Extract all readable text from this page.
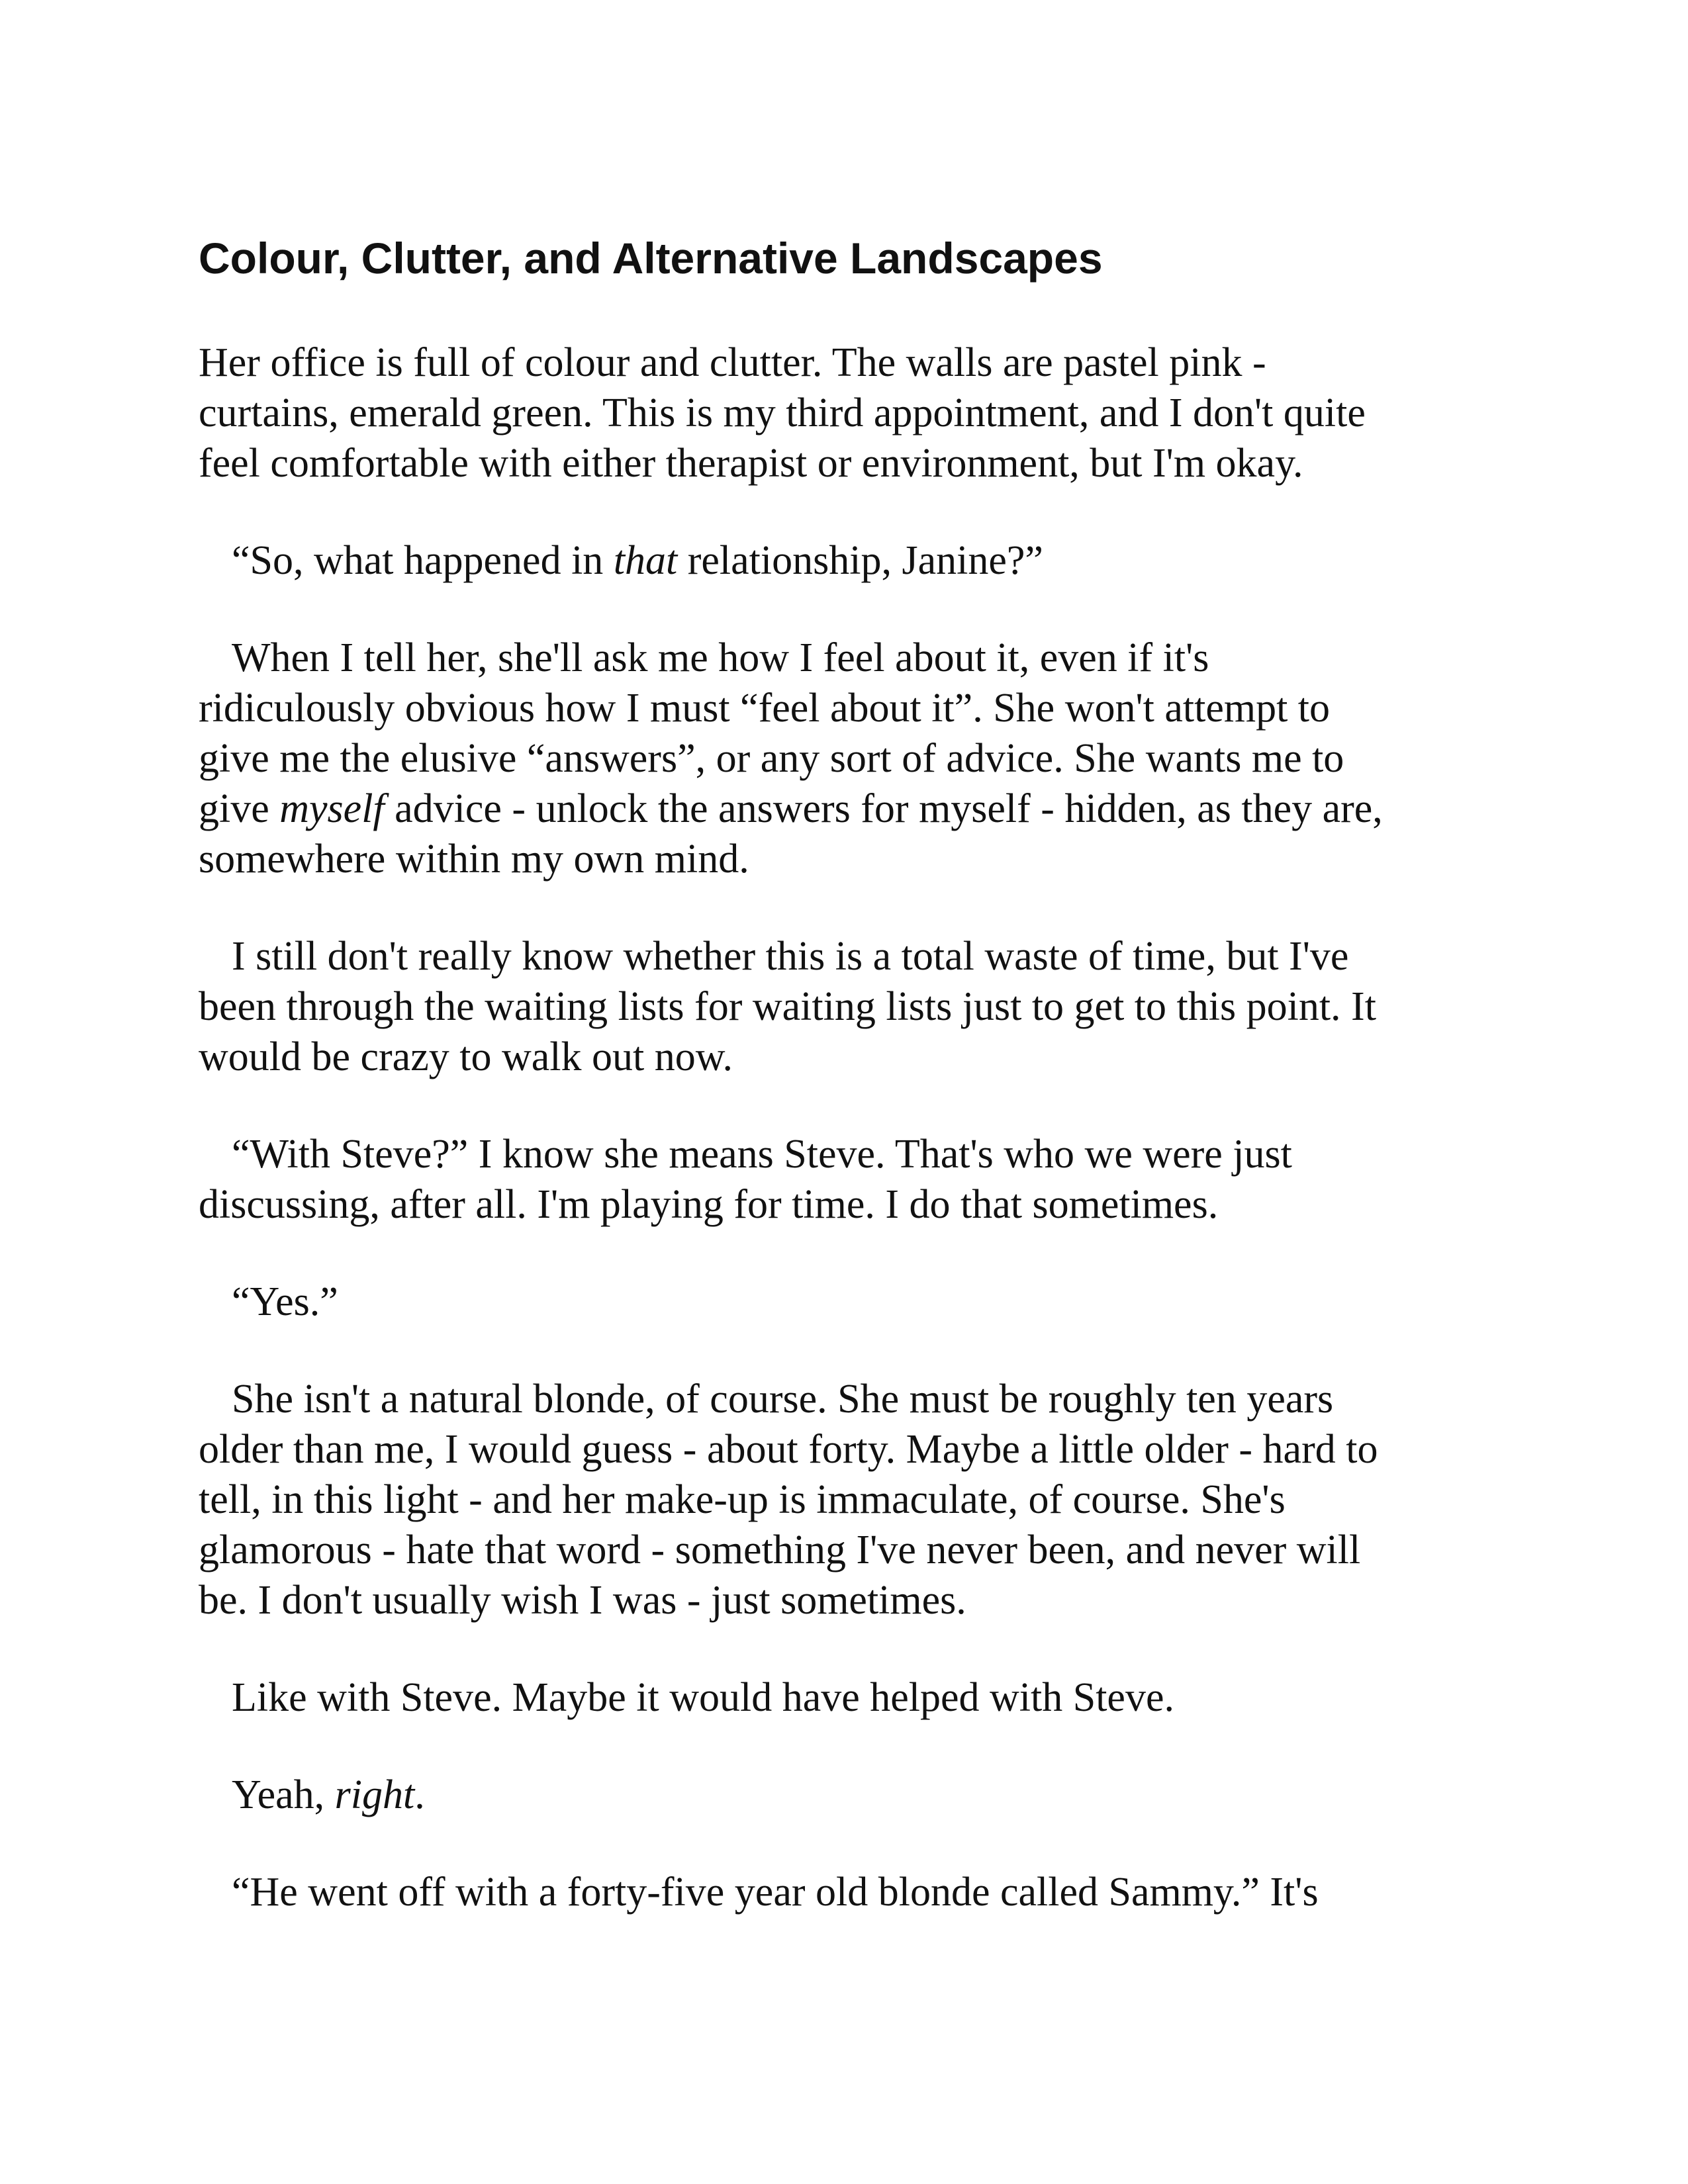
Colour, Clutter, and Alternative Landscapes

Her office is full of colour and clutter. The walls are pastel pink -
curtains, emerald green. This is my third appointment, and I don't quite
feel comfortable with either therapist or environment, but I'm okay.

“So, what happened in that relationship, Janine?”

When I tell her, she'll ask me how I feel about it, even if it's
ridiculously obvious how I must “feel about it”. She won't attempt to
give me the elusive “answers”, or any sort of advice. She wants me to
give myself advice - unlock the answers for myself - hidden, as they are,
somewhere within my own mind.

I still don't really know whether this is a total waste of time, but I've
been through the waiting lists for waiting lists just to get to this point. It
would be crazy to walk out now.

“With Steve?” I know she means Steve. That's who we were just
discussing, after all. I'm playing for time. I do that sometimes.

“Yes.”

She isn't a natural blonde, of course. She must be roughly ten years
older than me, I would guess - about forty. Maybe a little older - hard to
tell, in this light - and her make-up is immaculate, of course. She's
glamorous - hate that word - something I've never been, and never will
be. I don't usually wish I was - just sometimes.

Like with Steve. Maybe it would have helped with Steve.

Yeah, right.

“He went off with a forty-five year old blonde called Sammy.” It's
